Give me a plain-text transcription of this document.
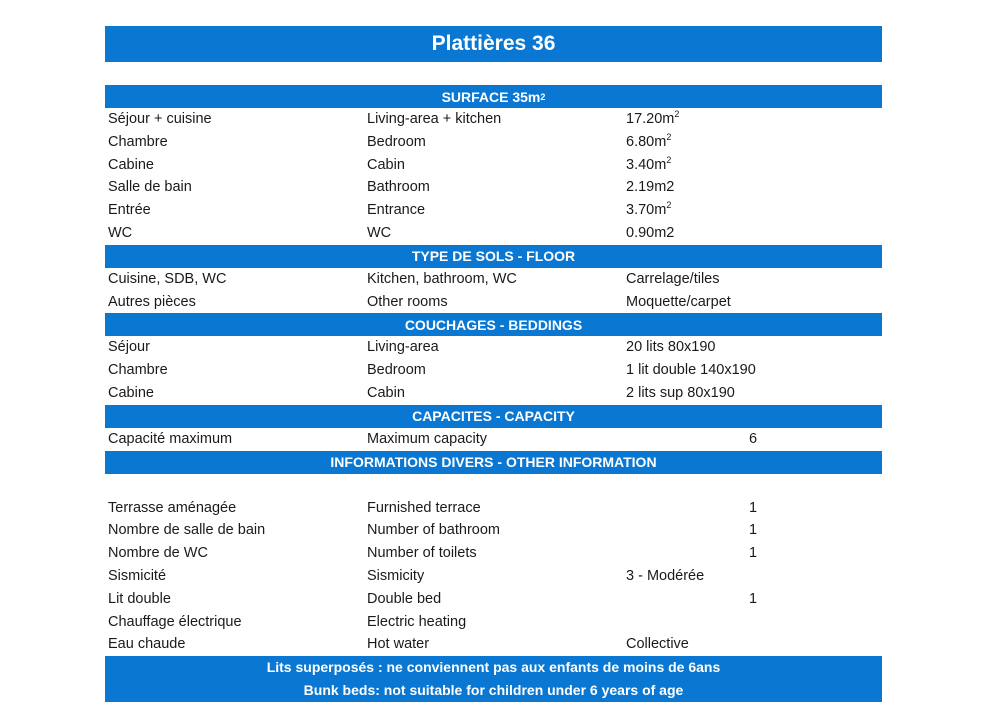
Plattières 36
SURFACE 35m 2
Séjour + cuisine	Living-area + kitchen	$17.20m^2$
Chambre	Bedroom	$6.80m^2$
Cabine	Cabin	$3.40m^2$
Salle de bain	Bathroom	2.19m2
Entrée	Entrance	$3.70m^2$
WC	WC	0.90m2
TYPE DE SOLS - FLOOR
Cuisine, SDB, WC	Kitchen, bathroom, WC	Carrelage/tiles
Autres pièces	Other rooms	Moquette/carpet
COUCHAGES - BEDDINGS
Séjour	Living-area	20 lits 80x190
Chambre	Bedroom	1 lit double 140x190
Cabine	Cabin	2 lits sup 80x190
CAPACITES - CAPACITY
Capacité maximum	Maximum capacity	6
INFORMATIONS DIVERS - OTHER INFORMATION
Terrasse aménagée	Furnished terrace	1
Nombre de salle de bain	Number of bathroom	1
Nombre de WC	Number of toilets	1
Sismicité	Sismicity	3 - Modérée
Lit double	Double bed	1
Chauffage électrique	Electric heating
Eau chaude	Hot water	Collective
Lits superposés : ne conviennent pas aux enfants de moins de 6ans
Bunk beds: not suitable for children under 6 years of age
